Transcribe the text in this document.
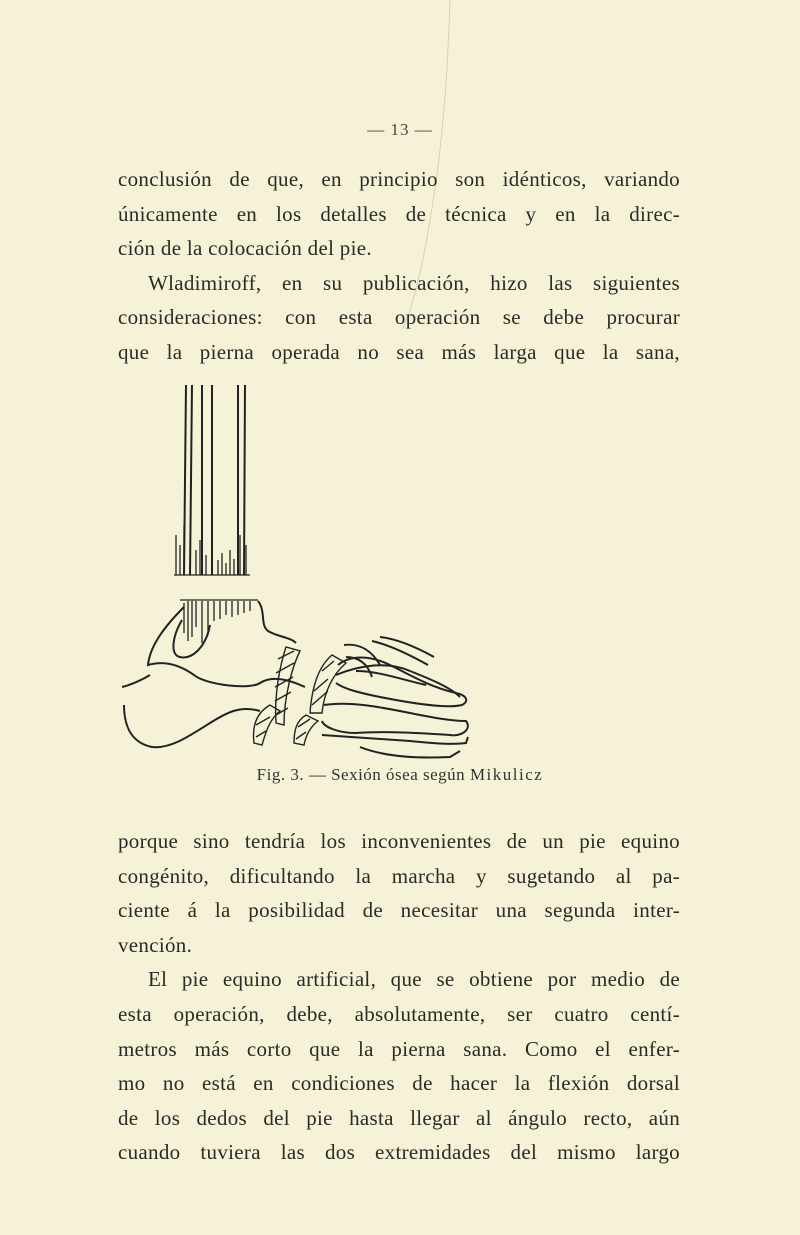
— 13 —
conclusión de que, en principio son idénticos, variando
únicamente en los detalles de técnica y en la direc-
ción de la colocación del pie.
Wladimiroff, en su publicación, hizo las siguientes
consideraciones: con esta operación se debe procurar
que la pierna operada no sea más larga que la sana,
Fig. 3. — Sexión ósea según Mikulicz
porque sino tendría los inconvenientes de un pie equino
congénito, dificultando la marcha y sugetando al pa-
ciente á la posibilidad de necesitar una segunda inter-
vención.
El pie equino artificial, que se obtiene por medio de
esta operación, debe, absolutamente, ser cuatro centí-
metros más corto que la pierna sana. Como el enfer-
mo no está en condiciones de hacer la flexión dorsal
de los dedos del pie hasta llegar al ángulo recto, aún
cuando tuviera las dos extremidades del mismo largo
